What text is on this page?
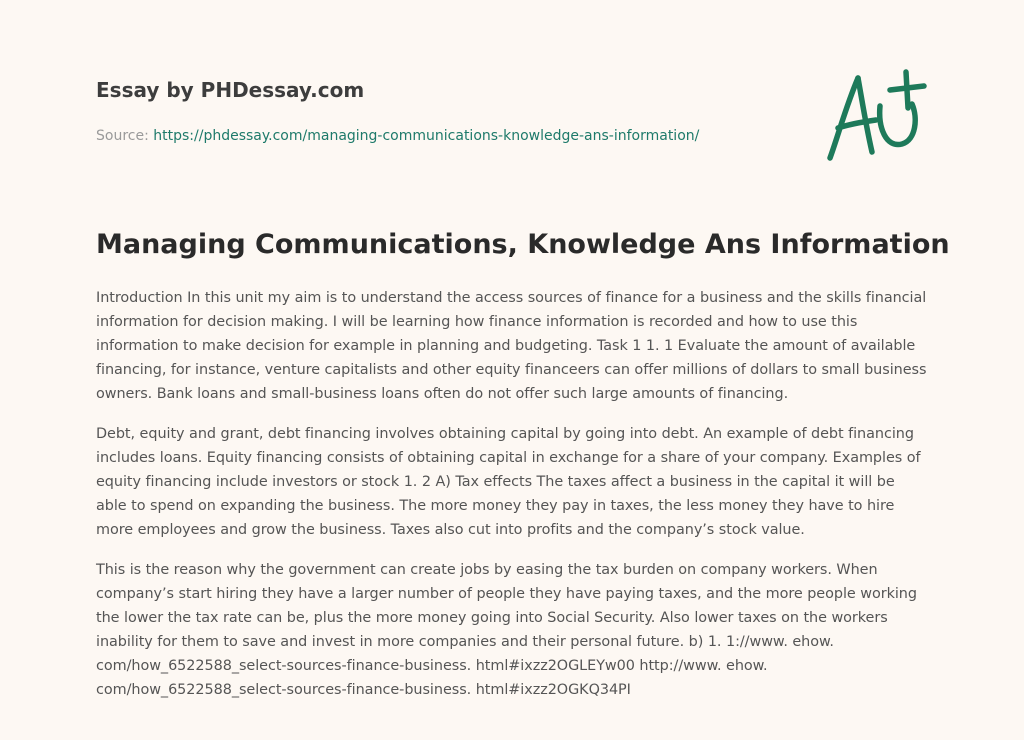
Essay by PHDessay.com
Source: https://phdessay.com/managing-communications-knowledge-ans-information/
Managing Communications, Knowledge Ans Information

Introduction In this unit my aim is to understand the access sources of finance for a business and the skills financial information for decision making. I will be learning how finance information is recorded and how to use this information to make decision for example in planning and budgeting. Task 1 1. 1 Evaluate the amount of available financing, for instance, venture capitalists and other equity financeers can offer millions of dollars to small business owners. Bank loans and small-business loans often do not offer such large amounts of financing.

Debt, equity and grant, debt financing involves obtaining capital by going into debt. An example of debt financing includes loans. Equity financing consists of obtaining capital in exchange for a share of your company. Examples of equity financing include investors or stock 1. 2 A) Tax effects The taxes affect a business in the capital it will be able to spend on expanding the business. The more money they pay in taxes, the less money they have to hire more employees and grow the business. Taxes also cut into profits and the company’s stock value.

This is the reason why the government can create jobs by easing the tax burden on company workers. When company’s start hiring they have a larger number of people they have paying taxes, and the more people working the lower the tax rate can be, plus the more money going into Social Security. Also lower taxes on the workers inability for them to save and invest in more companies and their personal future. b) 1. 1://www. ehow. com/how_6522588_select-sources-finance-business. html#ixzz2OGLEYw00 http://www. ehow. com/how_6522588_select-sources-finance-business. html#ixzz2OGKQ34PI
